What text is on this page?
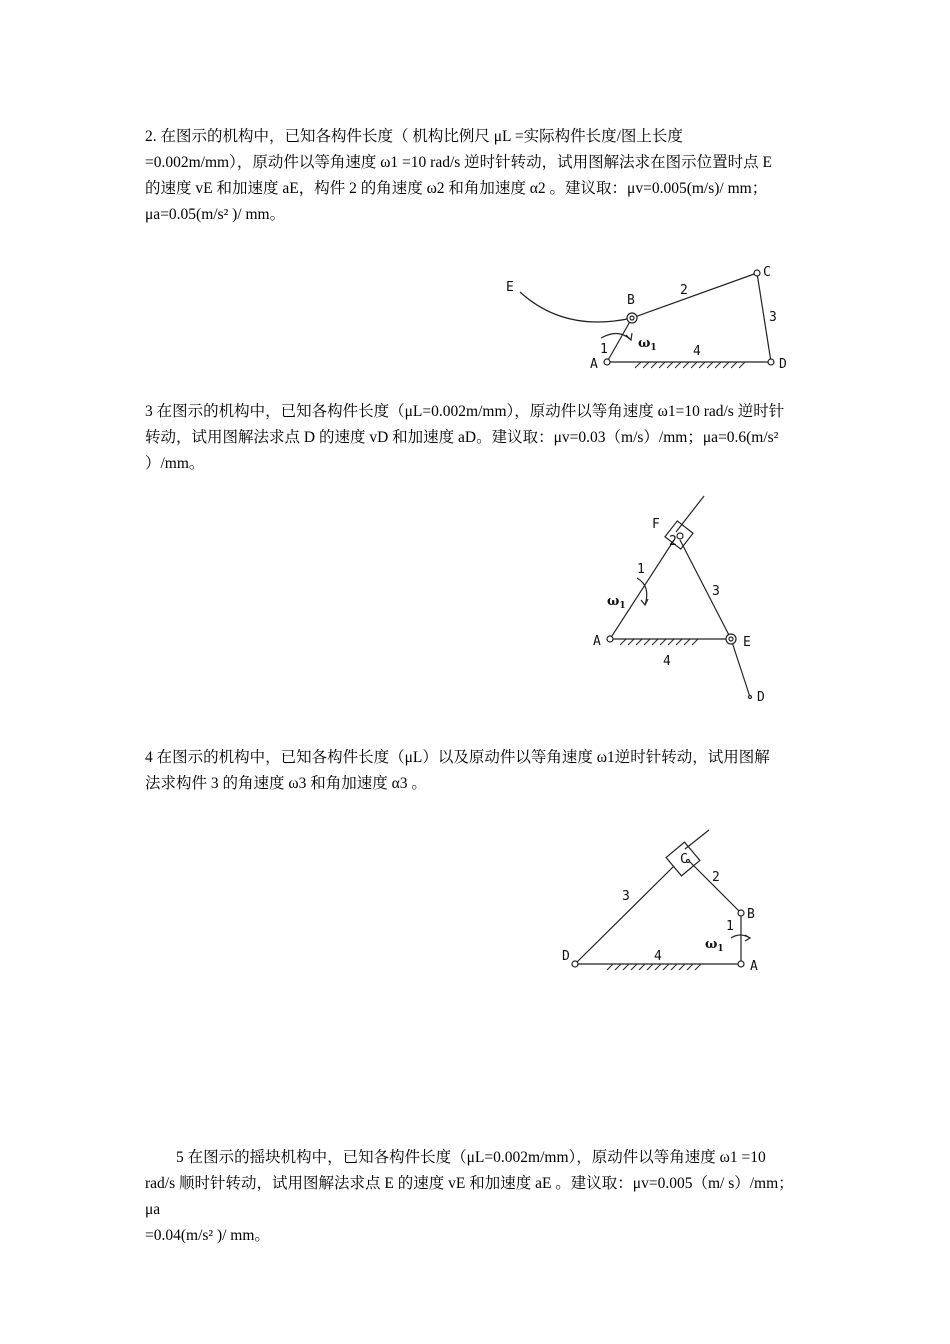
2. 在图示的机构中，已知各构件长度（ 机构比例尺 μL =实际构件长度/图上长度

=0.002m/mm），原动件以等角速度 ω1 =10 rad/s 逆时针转动，试用图解法求在图示位置时点 E

的速度 vE 和加速度 aE，构件 2 的角速度 ω2 和角加速度 α2 。建议取：μv=0.005(m/s)/ mm；

μa=0.05(m/s² )/ mm。

E
B
C
A	D
1
2
3
4
$\omega_1$

3 在图示的机构中，已知各构件长度（μL=0.002m/mm），原动件以等角速度 ω1=10 rad/s 逆时针

转动，试用图解法求点 D 的速度 vD 和加速度 aD。建议取：μv=0.03（m/s）/mm；μa=0.6(m/s²

）/mm。

F
2
1
3
A	E
4
D
$\omega_1$

4 在图示的机构中，已知各构件长度（μL）以及原动件以等角速度 ω1逆时针转动，试用图解

法求构件 3 的角速度 ω3 和角加速度 α3 。

C
2
3
B
1
$\omega_1$
D	4
A

5 在图示的摇块机构中，已知各构件长度（μL=0.002m/mm），原动件以等角速度 ω1 =10

rad/s 顺时针转动，试用图解法求点 E 的速度 vE 和加速度 aE 。建议取：μv=0.005（m/ s）/mm；μa

=0.04(m/s² )/ mm。
